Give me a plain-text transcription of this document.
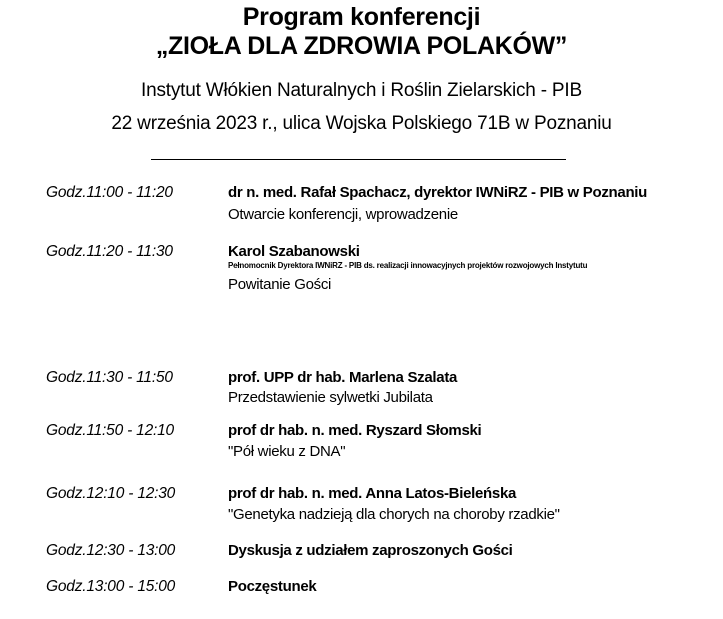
Program konferencji
„ZIOŁA DLA ZDROWIA POLAKÓW”
Instytut Włókien Naturalnych i Roślin Zielarskich - PIB
22 września 2023 r., ulica Wojska Polskiego 71B w Poznaniu
Godz.11:00 - 11:20	dr n. med. Rafał Spachacz, dyrektor IWNiRZ - PIB w Poznaniu
Otwarcie konferencji, wprowadzenie
Godz.11:20 - 11:30	Karol Szabanowski
Pełnomocnik Dyrektora IWNiRZ - PIB ds. realizacji innowacyjnych projektów rozwojowych Instytutu
Powitanie Gości
Godz.11:30 - 11:50	prof. UPP dr hab. Marlena Szalata
Przedstawienie sylwetki Jubilata
Godz.11:50 - 12:10	prof dr hab. n. med. Ryszard Słomski
"Pół wieku z DNA"
Godz.12:10 - 12:30	prof dr hab. n. med. Anna Latos-Bieleńska
"Genetyka nadzieją dla chorych na choroby rzadkie"
Godz.12:30 - 13:00	Dyskusja z udziałem zaproszonych Gości
Godz.13:00 - 15:00	Poczęstunek
